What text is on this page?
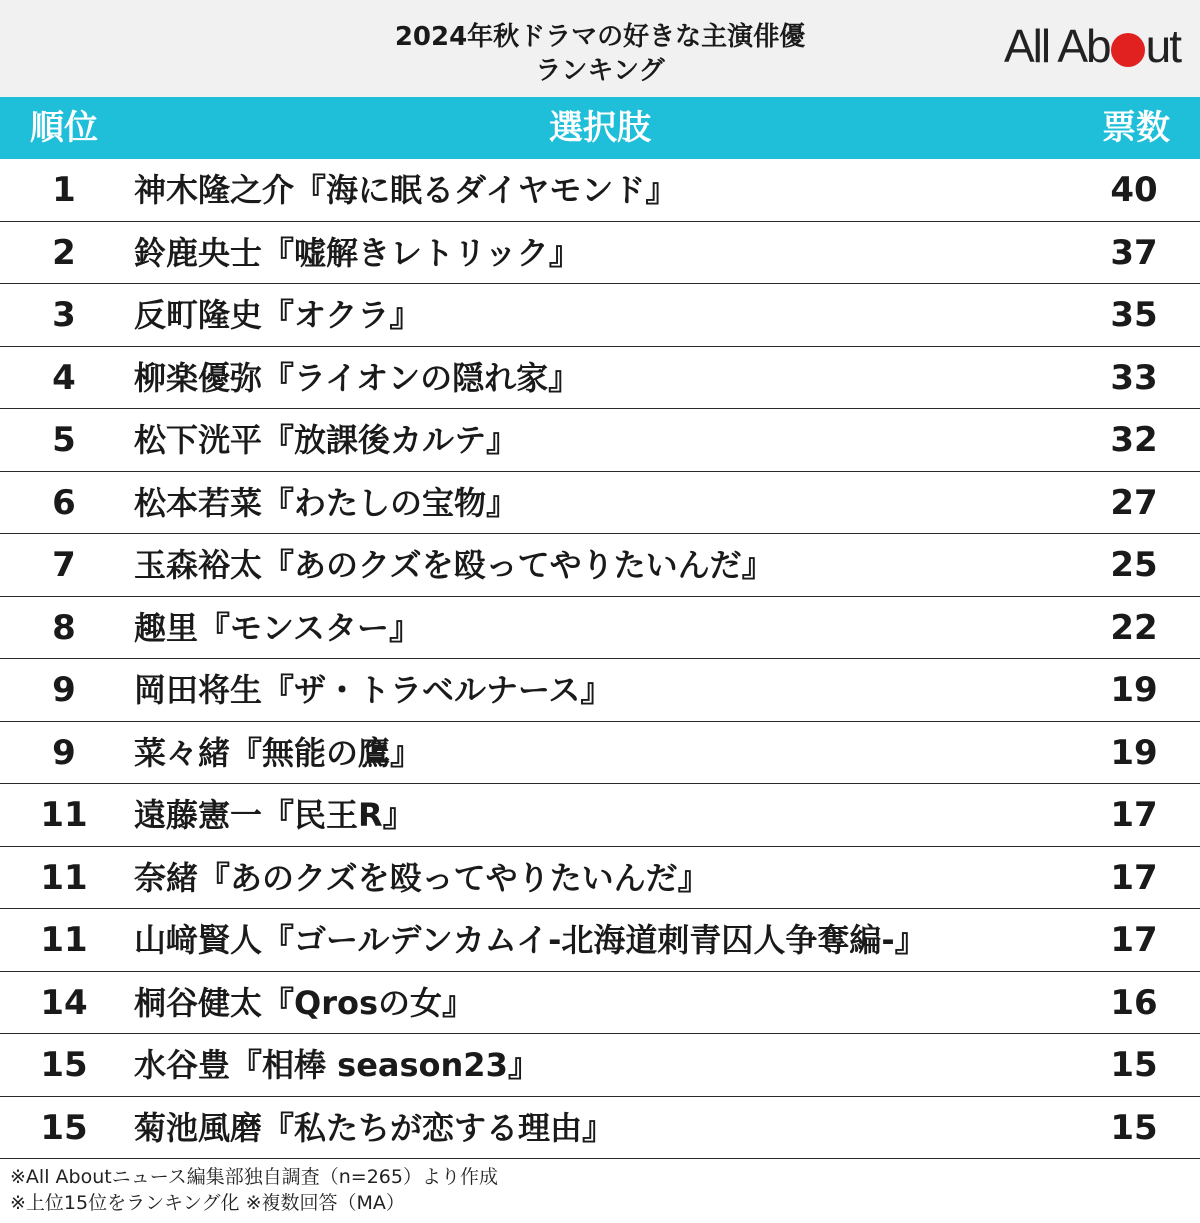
2024年秋ドラマの好きな主演俳優
ランキング	All Ab ut
順位	選択肢	票数
1	神木隆之介『海に眠るダイヤモンド』	40
2	鈴鹿央士『嘘解きレトリック』	37
3	反町隆史『オクラ』	35
4	柳楽優弥『ライオンの隠れ家』	33
5	松下洸平『放課後カルテ』	32
6	松本若菜『わたしの宝物』	27
7	玉森裕太『あのクズを殴ってやりたいんだ』	25
8	趣里『モンスター』	22
9	岡田将生『ザ・トラベルナース』	19
9	菜々緒『無能の鷹』	19
11	遠藤憲一『民王R』	17
11	奈緒『あのクズを殴ってやりたいんだ』	17
11	山﨑賢人『ゴールデンカムイ-北海道刺青囚人争奪編-』	17
14	桐谷健太『Qrosの女』	16
15	水谷豊『相棒 season23』	15
15	菊池風磨『私たちが恋する理由』	15
※All Aboutニュース編集部独自調査（n=265）より作成
※上位15位をランキング化 ※複数回答（MA）
